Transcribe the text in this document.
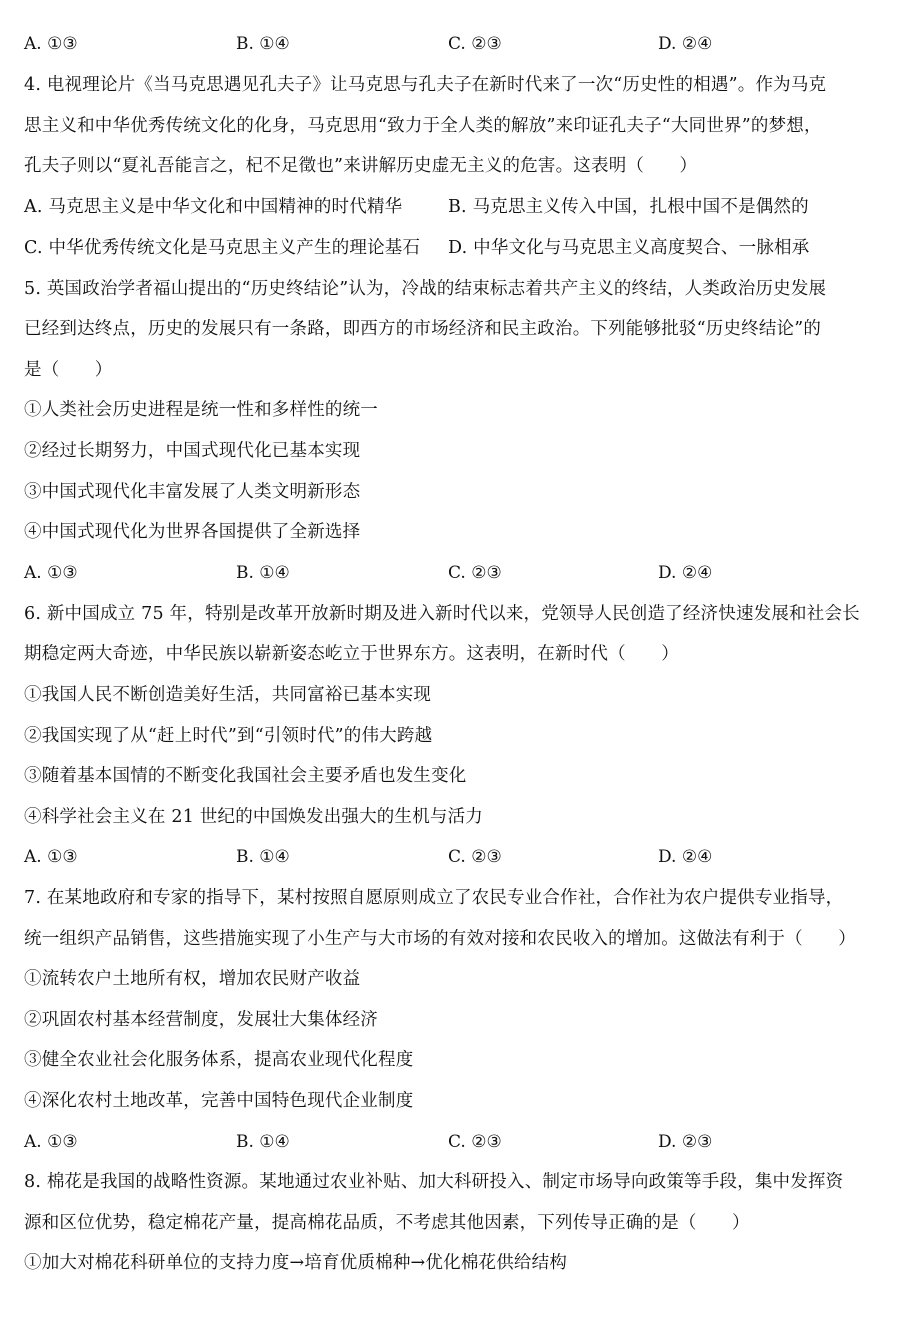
A. ①③	B. ①④	C. ②③	D. ②④
4. 电视理论片《当马克思遇见孔夫子》让马克思与孔夫子在新时代来了一次“历史性的相遇”。作为马克
思主义和中华优秀传统文化的化身，马克思用“致力于全人类的解放”来印证孔夫子“大同世界”的梦想，
孔夫子则以“夏礼吾能言之，杞不足徵也”来讲解历史虚无主义的危害。这表明（　　）
A. 马克思主义是中华文化和中国精神的时代精华	B. 马克思主义传入中国，扎根中国不是偶然的
C. 中华优秀传统文化是马克思主义产生的理论基石 D. 中华文化与马克思主义高度契合、一脉相承
5. 英国政治学者福山提出的“历史终结论”认为，冷战的结束标志着共产主义的终结，人类政治历史发展
已经到达终点，历史的发展只有一条路，即西方的市场经济和民主政治。下列能够批驳“历史终结论”的
是（　　）
①人类社会历史进程是统一性和多样性的统一
②经过长期努力，中国式现代化已基本实现
③中国式现代化丰富发展了人类文明新形态
④中国式现代化为世界各国提供了全新选择
A. ①③	B. ①④	C. ②③	D. ②④
6. 新中国成立 75 年，特别是改革开放新时期及进入新时代以来，党领导人民创造了经济快速发展和社会长
期稳定两大奇迹，中华民族以崭新姿态屹立于世界东方。这表明，在新时代（　　）
①我国人民不断创造美好生活，共同富裕已基本实现
②我国实现了从“赶上时代”到“引领时代”的伟大跨越
③随着基本国情的不断变化我国社会主要矛盾也发生变化
④科学社会主义在 21 世纪的中国焕发出强大的生机与活力
A. ①③	B. ①④	C. ②③	D. ②④
7. 在某地政府和专家的指导下，某村按照自愿原则成立了农民专业合作社，合作社为农户提供专业指导，
统一组织产品销售，这些措施实现了小生产与大市场的有效对接和农民收入的增加。这做法有利于（　　）
①流转农户土地所有权，增加农民财产收益
②巩固农村基本经营制度，发展壮大集体经济
③健全农业社会化服务体系，提高农业现代化程度
④深化农村土地改革，完善中国特色现代企业制度
A. ①③	B. ①④	C. ②③	D. ②③
8. 棉花是我国的战略性资源。某地通过农业补贴、加大科研投入、制定市场导向政策等手段，集中发挥资
源和区位优势，稳定棉花产量，提高棉花品质，不考虑其他因素，下列传导正确的是（　　）
①加大对棉花科研单位的支持力度→培育优质棉种→优化棉花供给结构
